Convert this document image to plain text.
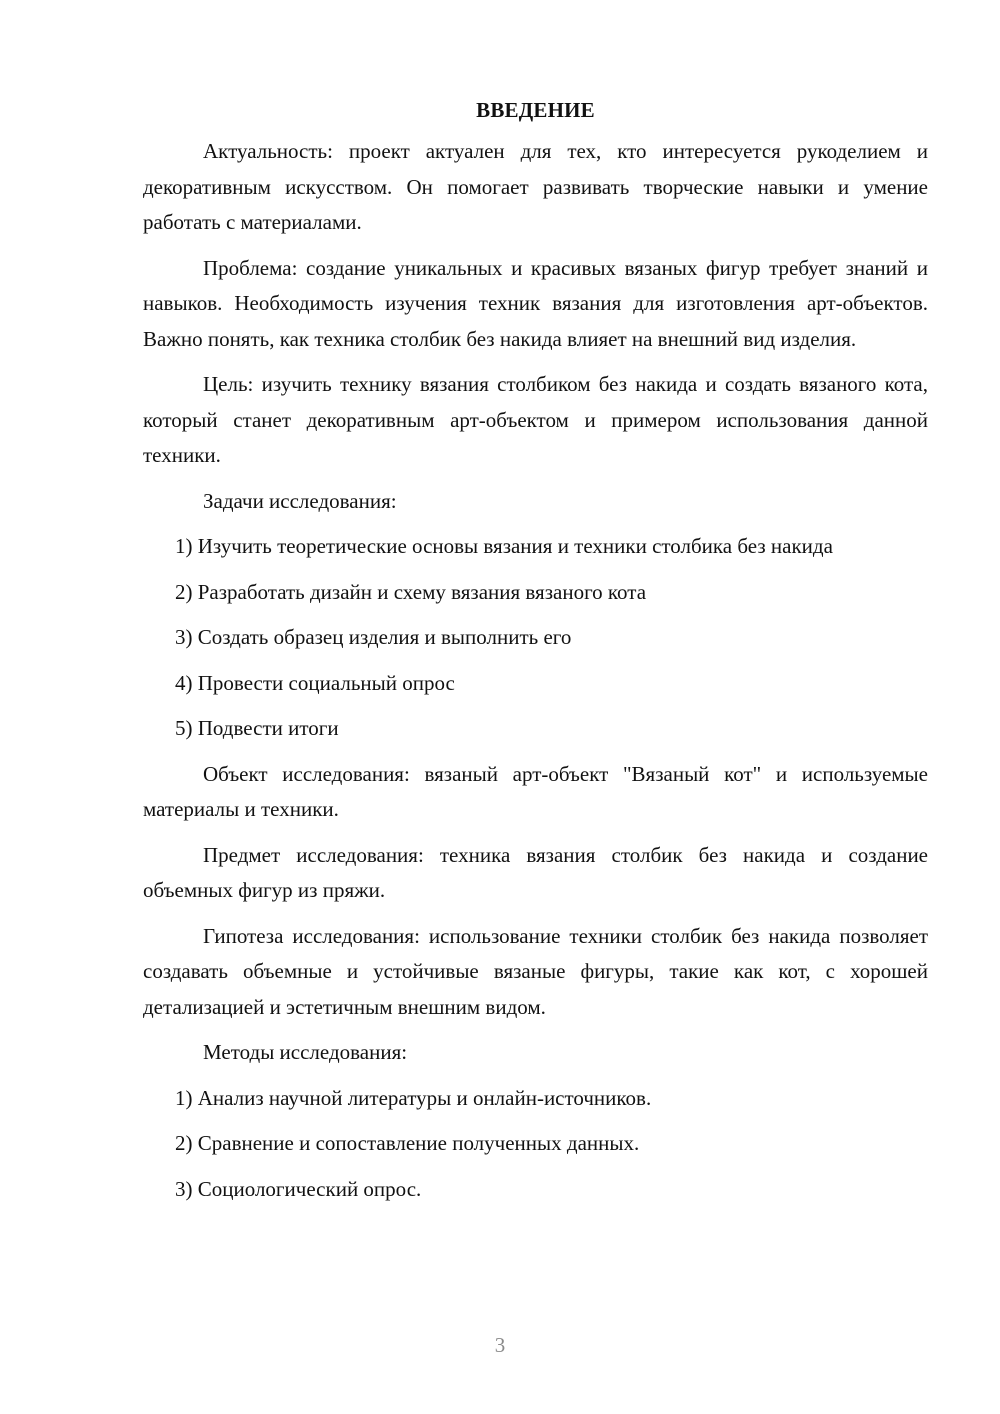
ВВЕДЕНИЕ

Актуальность: проект актуален для тех, кто интересуется рукоделием и декоративным искусством. Он помогает развивать творческие навыки и умение работать с материалами.

Проблема: создание уникальных и красивых вязаных фигур требует знаний и навыков. Необходимость изучения техник вязания для изготовления арт-объектов. Важно понять, как техника столбик без накида влияет на внешний вид изделия.

Цель: изучить технику вязания столбиком без накида и создать вязаного кота, который станет декоративным арт-объектом и примером использования данной техники.

Задачи исследования:

1) Изучить теоретические основы вязания и техники столбика без накида

2) Разработать дизайн и схему вязания вязаного кота

3) Создать образец изделия и выполнить его

4) Провести социальный опрос

5) Подвести итоги

Объект исследования: вязаный арт-объект "Вязаный кот" и используемые материалы и техники.

Предмет исследования: техника вязания столбик без накида и создание объемных фигур из пряжи.

Гипотеза исследования: использование техники столбик без накида позволяет создавать объемные и устойчивые вязаные фигуры, такие как кот, с хорошей детализацией и эстетичным внешним видом.

Методы исследования:

1) Анализ научной литературы и онлайн-источников.

2) Сравнение и сопоставление полученных данных.

3) Социологический опрос.

3
